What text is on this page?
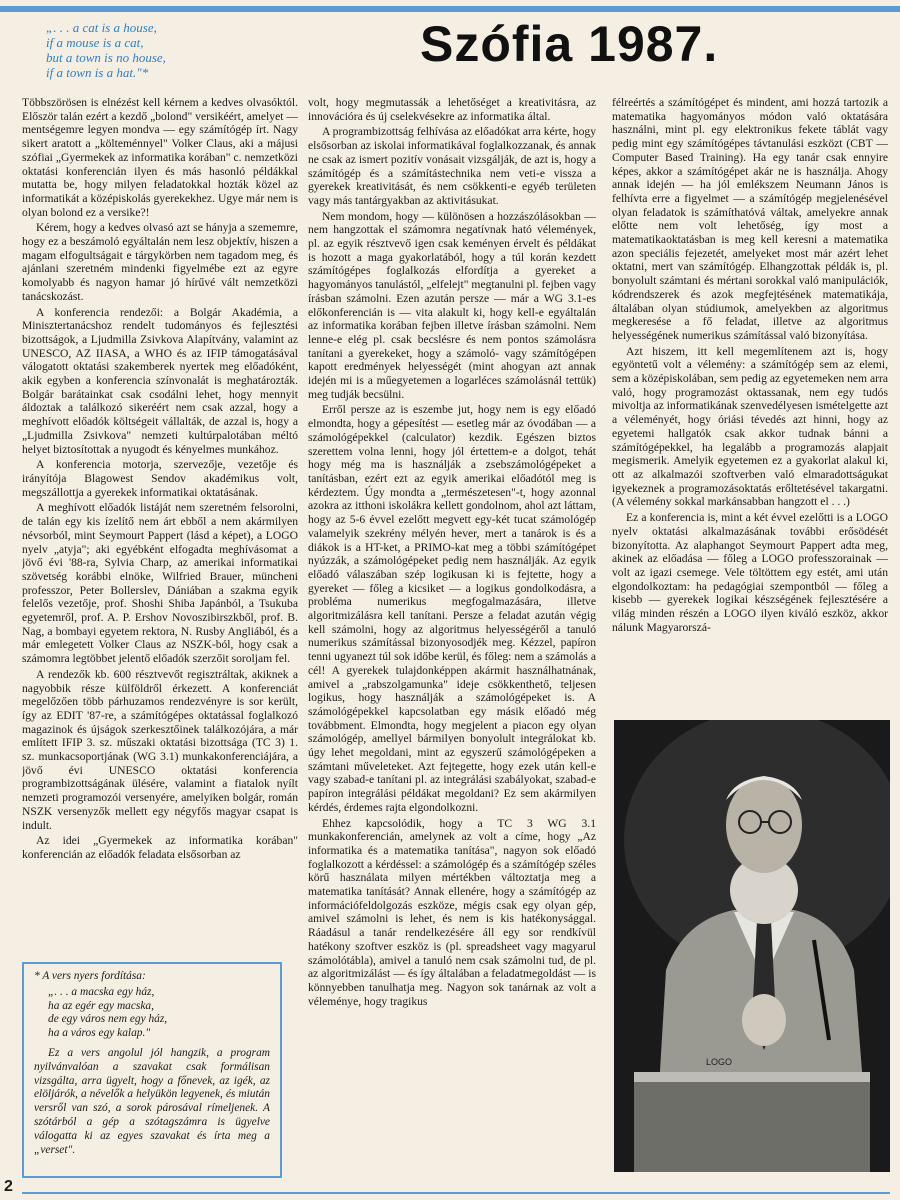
„. . . a cat is a house,
if a mouse is a cat,
but a town is no house,
if a town is a hat."*
Szófia 1987.

Többszörösen is elnézést kell kérnem a kedves olvasóktól. Először talán ezért a kezdő „bolond" versikéért, amelyet — mentségemre legyen mondva — egy számítógép írt. Nagy sikert aratott a „költeménnyel" Volker Claus, aki a májusi szófiai „Gyermekek az informatika korában" c. nemzetközi oktatási konferencián ilyen és más hasonló példákkal mutatta be, hogy milyen feladatokkal hozták közel az informatikát a középiskolás gyerekekhez. Ugye már nem is olyan bolond ez a versike?!

Kérem, hogy a kedves olvasó azt se hányja a szememre, hogy ez a beszámoló egyáltalán nem lesz objektív, hiszen a magam elfogultságait e tárgykörben nem tagadom meg, és ajánlani szeretném mindenki figyelmébe ezt az egyre komolyabb és nagyon hamar jó hírűvé vált nemzetközi tanácskozást.

A konferencia rendezői: a Bolgár Akadémia, a Minisztertanácshoz rendelt tudományos és fejlesztési bizottságok, a Ljudmilla Zsivkova Alapítvány, valamint az UNESCO, AZ IIASA, a WHO és az IFIP támogatásával válogatott oktatási szakemberek nyertek meg előadóként, akik egyben a konferencia színvonalát is meghatározták. Bolgár barátainkat csak csodálni lehet, hogy mennyit áldoztak a találkozó sikeréért nem csak azzal, hogy a meghívott előadók költségeit vállalták, de azzal is, hogy a „Ljudmilla Zsivkova" nemzeti kultúrpalotában méltó helyet biztosítottak a nyugodt és kényelmes munkához.

A konferencia motorja, szervezője, vezetője és irányítója Blagowest Sendov akadémikus volt, megszállottja a gyerekek informatikai oktatásának.

A meghívott előadók listáját nem szeretném felsorolni, de talán egy kis ízelítő nem árt ebből a nem akármilyen névsorból, mint Seymourt Pappert (lásd a képet), a LOGO nyelv „atyja"; aki egyébként elfogadta meghívásomat a jövő évi '88-ra, Sylvia Charp, az amerikai informatikai szövetség korábbi elnöke, Wilfried Brauer, müncheni professzor, Peter Bollerslev, Dániában a szakma egyik felelős vezetője, prof. Shoshi Shiba Japánból, a Tsukuba egyetemről, prof. A. P. Ershov Novoszibirszkből, prof. B. Nag, a bombayi egyetem rektora, N. Rusby Angliából, és a már emlegetett Volker Claus az NSZK-ból, hogy csak a számomra legtöbbet jelentő előadók szerzőit soroljam fel.

A rendezők kb. 600 résztvevőt regisztráltak, akiknek a nagyobbik része külföldről érkezett. A konferenciát megelőzően több párhuzamos rendezvényre is sor került, így az EDIT '87-re, a számítógépes oktatással foglalkozó magazinok és újságok szerkesztőinek találkozójára, a már említett IFIP 3. sz. műszaki oktatási bizottsága (TC 3) 1. sz. munkacsoportjának (WG 3.1) munkakonferenciájára, a jövő évi UNESCO oktatási konferencia programbizottságának ülésére, valamint a fiatalok nyílt nemzeti programozói versenyére, amelyiken bolgár, román NSZK versenyzők mellett egy négyfős magyar csapat is indult.

Az idei „Gyermekek az informatika korában" konferencián az előadók feladata elsősorban az

volt, hogy megmutassák a lehetőséget a kreativitásra, az innovációra és új cselekvésekre az informatika által.

A programbizottság felhívása az előadókat arra kérte, hogy elsősorban az iskolai informatikával foglalkozzanak, és annak ne csak az ismert pozitív vonásait vizsgálják, de azt is, hogy a számítógép és a számítástechnika nem veti-e vissza a gyerekek kreativitását, és nem csökkenti-e egyéb területen vagy más tantárgyakban az aktivitásukat.

Nem mondom, hogy — különösen a hozzászólásokban — nem hangzottak el számomra negatívnak ható vélemények, pl. az egyik résztvevő igen csak keményen érvelt és példákat is hozott a maga gyakorlatából, hogy a túl korán kezdett számítógépes foglalkozás elfordítja a gyereket a hagyományos tanulástól, „elfelejt" megtanulni pl. fejben vagy írásban számolni. Ezen azután persze — már a WG 3.1-es előkonferencián is — vita alakult ki, hogy kell-e egyáltalán az informatika korában fejben illetve írásban számolni. Nem lenne-e elég pl. csak becslésre és nem pontos számolásra tanítani a gyerekeket, hogy a számoló- vagy számítógépen kapott eredmények helyességét (mint ahogyan azt annak idején mi is a műegyetemen a logarléces számolásnál tettük) meg tudják becsülni.

Erről persze az is eszembe jut, hogy nem is egy előadó elmondta, hogy a gépesítést — esetleg már az óvodában — a számológépekkel (calculator) kezdik. Egészen biztos szerettem volna lenni, hogy jól értettem-e a dolgot, tehát hogy még ma is használják a zsebszámológépeket a tanításban, ezért ezt az egyik amerikai előadótól meg is kérdeztem. Úgy mondta a „természetesen"-t, hogy azonnal azokra az itthoni iskolákra kellett gondolnom, ahol azt láttam, hogy az 5-6 évvel ezelőtt megvett egy-két tucat számológép valamelyik szekrény mélyén hever, mert a tanárok is és a diákok is a HT-ket, a PRIMO-kat meg a többi számítógépet nyúzzák, a számológépeket pedig nem használják. Az egyik előadó válaszában szép logikusan ki is fejtette, hogy a gyereket — főleg a kicsiket — a logikus gondolkodásra, a probléma numerikus megfogalmazására, illetve algoritmizálásra kell tanítani. Persze a feladat azután végig kell számolni, hogy az algoritmus helyességéről a tanuló numerikus számítással bizonyosodjék meg. Kézzel, papíron tenni ugyanezt túl sok időbe kerül, és főleg: nem a számolás a cél! A gyerekek tulajdonképpen akármit használhatnának, amivel a „rabszolgamunka" ideje csökkenthető, teljesen logikus, hogy használják a számológépeket is. A számológépekkel kapcsolatban egy másik előadó még továbbment. Elmondta, hogy megjelent a piacon egy olyan számológép, amellyel bármilyen bonyolult integrálokat kb. úgy lehet megoldani, mint az egyszerű számológépeken a számtani műveleteket. Azt fejtegette, hogy ezek után kell-e vagy szabad-e tanítani pl. az integrálási szabályokat, szabad-e papíron integrálási példákat megoldani? Ez sem akármilyen kérdés, érdemes rajta elgondolkozni.

Ehhez kapcsolódik, hogy a TC 3 WG 3.1 munkakonferencián, amelynek az volt a címe, hogy „Az informatika és a matematika tanítása", nagyon sok előadó foglalkozott a kérdéssel: a számológép és a számítógép széles körű használata milyen mértékben változtatja meg a matematika tanítását? Annak ellenére, hogy a számítógép az információfeldolgozás eszköze, mégis csak egy olyan gép, amivel számolni is lehet, és nem is kis hatékonysággal. Ráadásul a tanár rendelkezésére áll egy sor rendkívül hatékony szoftver eszköz is (pl. spreadsheet vagy magyarul számolótábla), amivel a tanuló nem csak számolni tud, de pl. az algoritmizálást — és így általában a feladatmegoldást — is könnyebben tanulhatja meg. Nagyon sok tanárnak az volt a véleménye, hogy tragikus

félreértés a számítógépet és mindent, ami hozzá tartozik a matematika hagyományos módon való oktatására használni, mint pl. egy elektronikus fekete táblát vagy pedig mint egy számítógépes távtanulási eszközt (CBT — Computer Based Training). Ha egy tanár csak ennyire képes, akkor a számítógépet akár ne is használja. Ahogy annak idején — ha jól emlékszem Neumann János is felhívta erre a figyelmet — a számítógép megjelenésével olyan feladatok is számíthatóvá váltak, amelyekre annak előtte nem volt lehetőség, így most a matematikaoktatásban is meg kell keresni a matematika azon speciális fejezetét, amelyeket most már azért lehet oktatni, mert van számítógép. Elhangzottak példák is, pl. bonyolult számtani és mértani sorokkal való manipulációk, kódrendszerek és azok megfejtésének matematikája, általában olyan stúdiumok, amelyekben az algoritmus megkeresése a fő feladat, illetve az algoritmus helyességének numerikus számítással való bizonyítása.

Azt hiszem, itt kell megemlítenem azt is, hogy egyöntetű volt a vélemény: a számítógép sem az elemi, sem a középiskolában, sem pedig az egyetemeken nem arra való, hogy programozást oktassanak, nem egy tudós mivoltja az informatikának szenvedélyesen ismételgette azt a véleményét, hogy óriási tévedés azt hinni, hogy az egyetemi hallgatók csak akkor tudnak bánni a számítógépekkel, ha legalább a programozás alapjait megismerik. Amelyik egyetemen ez a gyakorlat alakul ki, ott az alkalmazói szoftverben való elmaradottságukat igyekeznek a programozásoktatás erőltetésével takargatni. (A vélemény sokkal markánsabban hangzott el . . .)

Ez a konferencia is, mint a két évvel ezelőtti is a LOGO nyelv oktatási alkalmazásának további erősödését bizonyította. Az alaphangot Seymourt Pappert adta meg, akinek az előadása — főleg a LOGO professzorainak — volt az igazi csemege. Vele töltöttem egy estét, ami után elgondolkoztam: ha pedagógiai szempontból — főleg a kisebb — gyerekek logikai készségének fejlesztésére a világ minden részén a LOGO ilyen kiváló eszköz, akkor nálunk Magyarorszá-

* A vers nyers fordítása:

„. . . a macska egy ház,
ha az egér egy macska,
de egy város nem egy ház,
ha a város egy kalap."

Ez a vers angolul jól hangzik, a program nyilvánvalóan a szavakat csak formálisan vizsgálta, arra ügyelt, hogy a főnevek, az igék, az elöljárók, a névelők a helyükön legyenek, és miután versről van szó, a sorok párosával rímeljenek. A szótárból a gép a szótagszámra is ügyelve válogatta ki az egyes szavakat és írta meg a „verset".

LOGO
2
